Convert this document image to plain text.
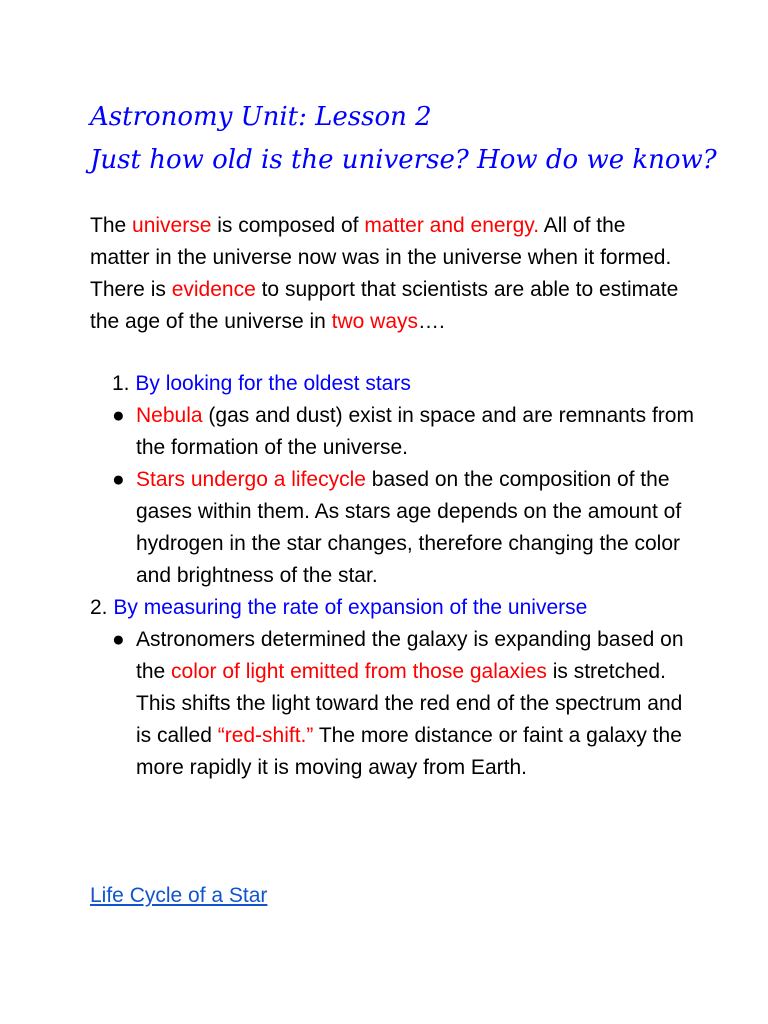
Astronomy Unit: Lesson 2
Just how old is the universe? How do we know?

The universe is composed of matter and energy. All of the matter in the universe now was in the universe when it formed. There is evidence to support that scientists are able to estimate the age of the universe in two ways….

1. By looking for the oldest stars
● Nebula (gas and dust) exist in space and are remnants from the formation of the universe.
● Stars undergo a lifecycle based on the composition of the gases within them. As stars age depends on the amount of hydrogen in the star changes, therefore changing the color and brightness of the star.
2. By measuring the rate of expansion of the universe
● Astronomers determined the galaxy is expanding based on the color of light emitted from those galaxies is stretched. This shifts the light toward the red end of the spectrum and is called “red-shift.” The more distance or faint a galaxy the more rapidly it is moving away from Earth.
Life Cycle of a Star
